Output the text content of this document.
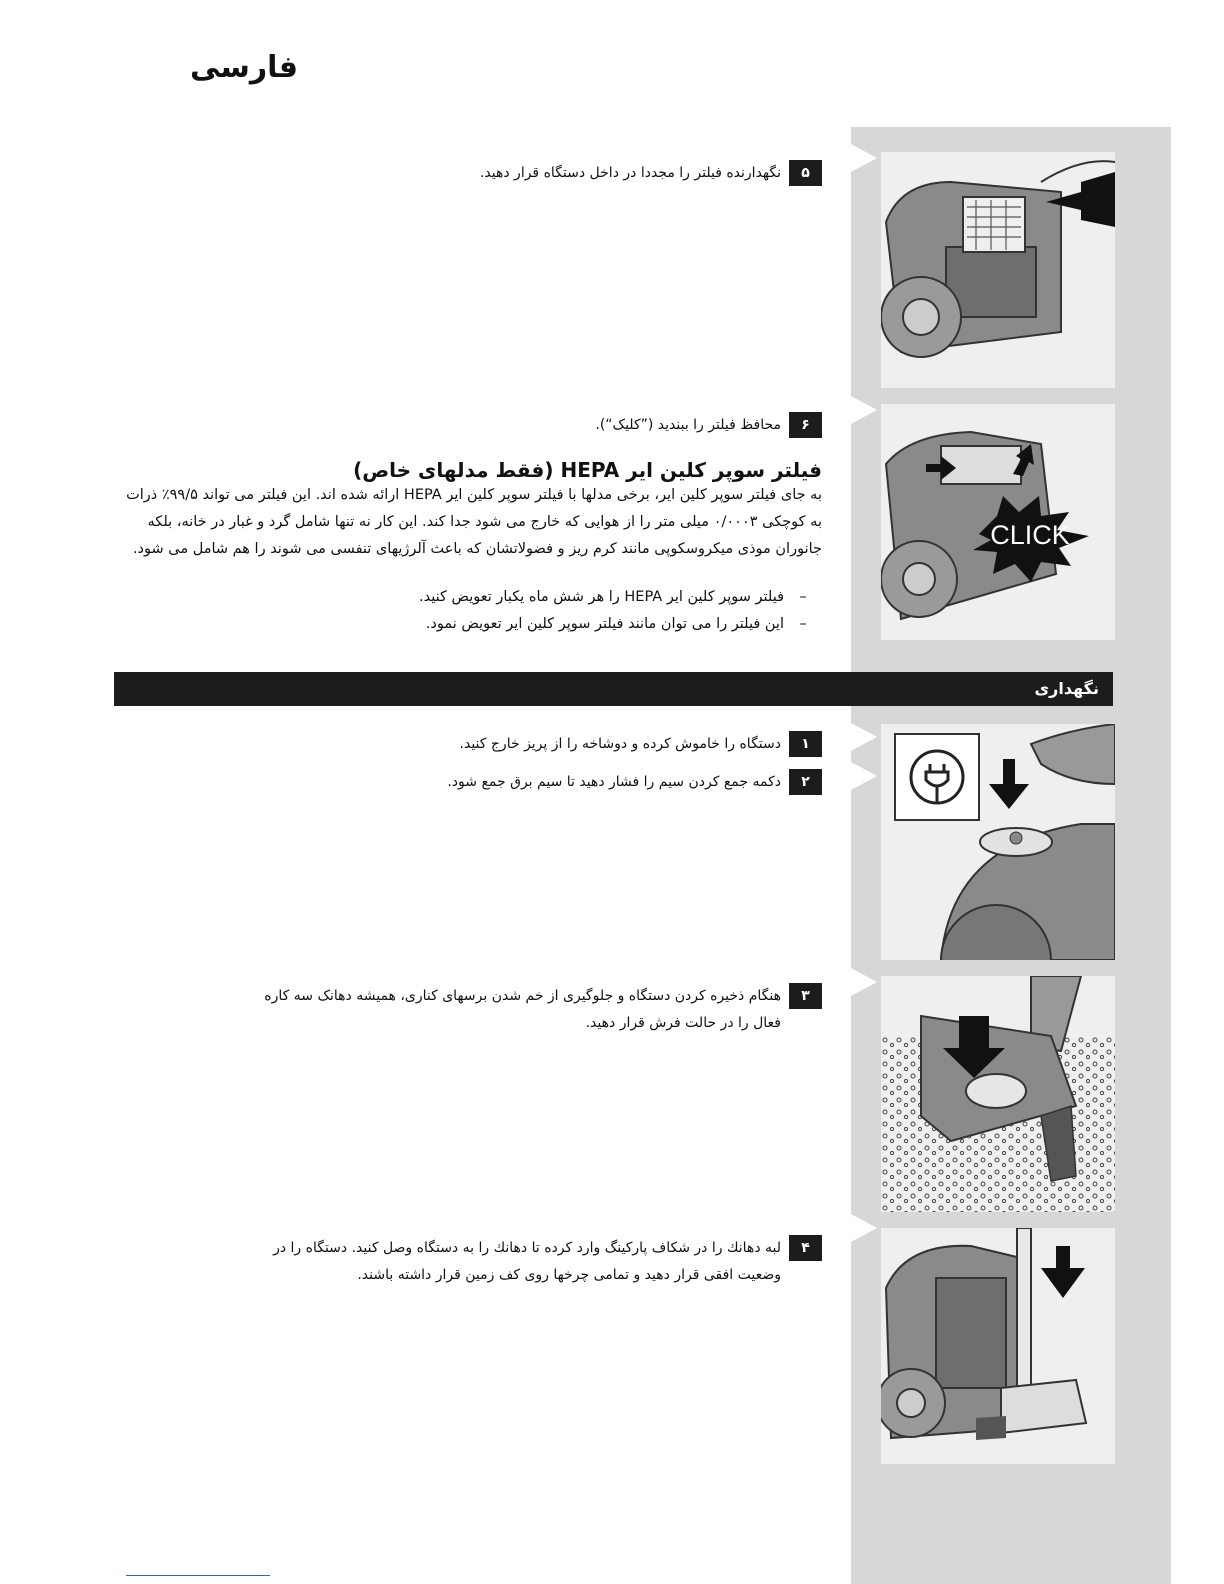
فارسی
CLICK
۵نگهدارنده فیلتر را مجددا در داخل دستگاه قرار دهید.
۶محافظ فیلتر را ببندید (”کلیک“).
فیلتر سوپر کلین ایر HEPA (فقط مدلهای خاص)
به جای فیلتر سوپر کلین ایر، برخی مدلها با فیلتر سوپر کلین ایر HEPA ارائه شده اند. این فیلتر می تواند ۹۹/۵٪ ذرات به کوچکی ۰/۰۰۰۳ میلی متر را از هوایی که خارج می شود جدا کند. این کار نه تنها شامل گرد و غبار در خانه، بلکه جانوران موذی میکروسکوپی مانند کرم ریز و فضولاتشان که باعث آلرژیهای تنفسی می شوند را هم شامل می شود.
–فیلتر سوپر کلین ایر HEPA را هر شش ماه یکبار تعویض کنید.
–این فیلتر را می توان مانند فیلتر سوپر کلین ایر تعویض نمود.
نگهداری
۱دستگاه را خاموش کرده و دوشاخه را از پریز خارج کنید.
۲دکمه جمع کردن سیم را فشار دهید تا سیم برق جمع شود.
۳هنگام ذخیره کردن دستگاه و جلوگیری از خم شدن برسهای کناری، همیشه دهانک سه کاره
فعال را در حالت فرش قرار دهید.
۴لبه دهانك را در شکاف پارکینگ وارد کرده تا دهانك را به دستگاه وصل کنید. دستگاه را در
وضعیت افقی قرار دهید و تمامی چرخها روی کف زمین قرار داشته باشند.
